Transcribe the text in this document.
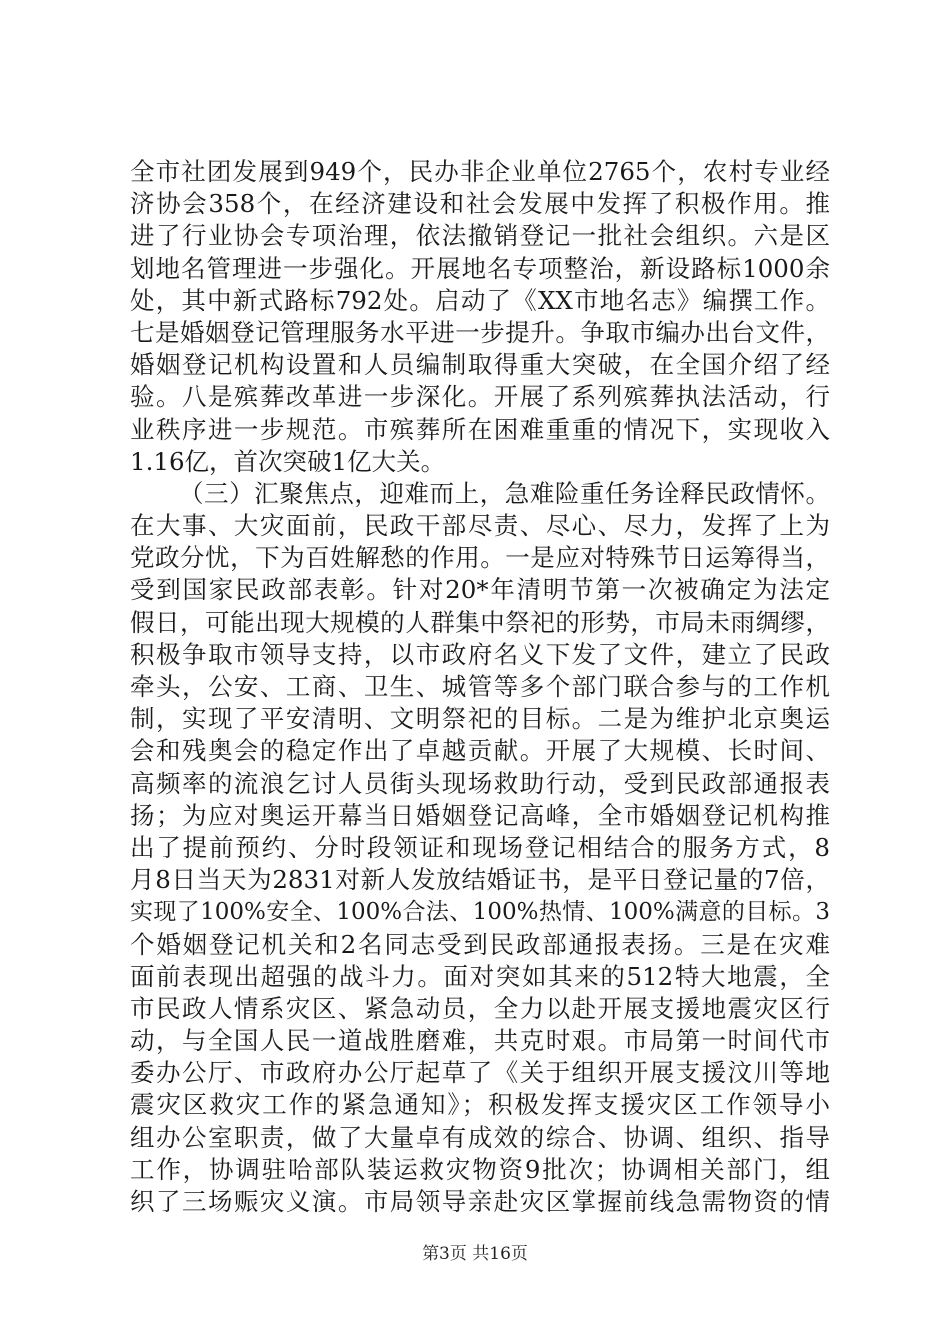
全市社团发展到949个，民办非企业单位2765个，农村专业经
济协会358个，在经济建设和社会发展中发挥了积极作用。推
进了行业协会专项治理，依法撤销登记一批社会组织。六是区
划地名管理进一步强化。开展地名专项整治，新设路标1000余
处，其中新式路标792处。启动了《XX市地名志》编撰工作。
七是婚姻登记管理服务水平进一步提升。争取市编办出台文件，
婚姻登记机构设置和人员编制取得重大突破，在全国介绍了经
验。八是殡葬改革进一步深化。开展了系列殡葬执法活动，行
业秩序进一步规范。市殡葬所在困难重重的情况下，实现收入
1.16亿，首次突破1亿大关。
（三）汇聚焦点，迎难而上，急难险重任务诠释民政情怀。
在大事、大灾面前，民政干部尽责、尽心、尽力，发挥了上为
党政分忧，下为百姓解愁的作用。一是应对特殊节日运筹得当，
受到国家民政部表彰。针对20*年清明节第一次被确定为法定
假日，可能出现大规模的人群集中祭祀的形势，市局未雨绸缪，
积极争取市领导支持，以市政府名义下发了文件，建立了民政
牵头，公安、工商、卫生、城管等多个部门联合参与的工作机
制，实现了平安清明、文明祭祀的目标。二是为维护北京奥运
会和残奥会的稳定作出了卓越贡献。开展了大规模、长时间、
高频率的流浪乞讨人员街头现场救助行动，受到民政部通报表
扬；为应对奥运开幕当日婚姻登记高峰，全市婚姻登记机构推
出了提前预约、分时段领证和现场登记相结合的服务方式，8
月8日当天为2831对新人发放结婚证书，是平日登记量的7倍，
实现了100%安全、100%合法、100%热情、100%满意的目标。3
个婚姻登记机关和2名同志受到民政部通报表扬。三是在灾难
面前表现出超强的战斗力。面对突如其来的512特大地震，全
市民政人情系灾区、紧急动员，全力以赴开展支援地震灾区行
动，与全国人民一道战胜磨难，共克时艰。市局第一时间代市
委办公厅、市政府办公厅起草了《关于组织开展支援汶川等地
震灾区救灾工作的紧急通知》；积极发挥支援灾区工作领导小
组办公室职责，做了大量卓有成效的综合、协调、组织、指导
工作，协调驻哈部队装运救灾物资9批次；协调相关部门，组
织了三场赈灾义演。市局领导亲赴灾区掌握前线急需物资的情
第3页 共16页
